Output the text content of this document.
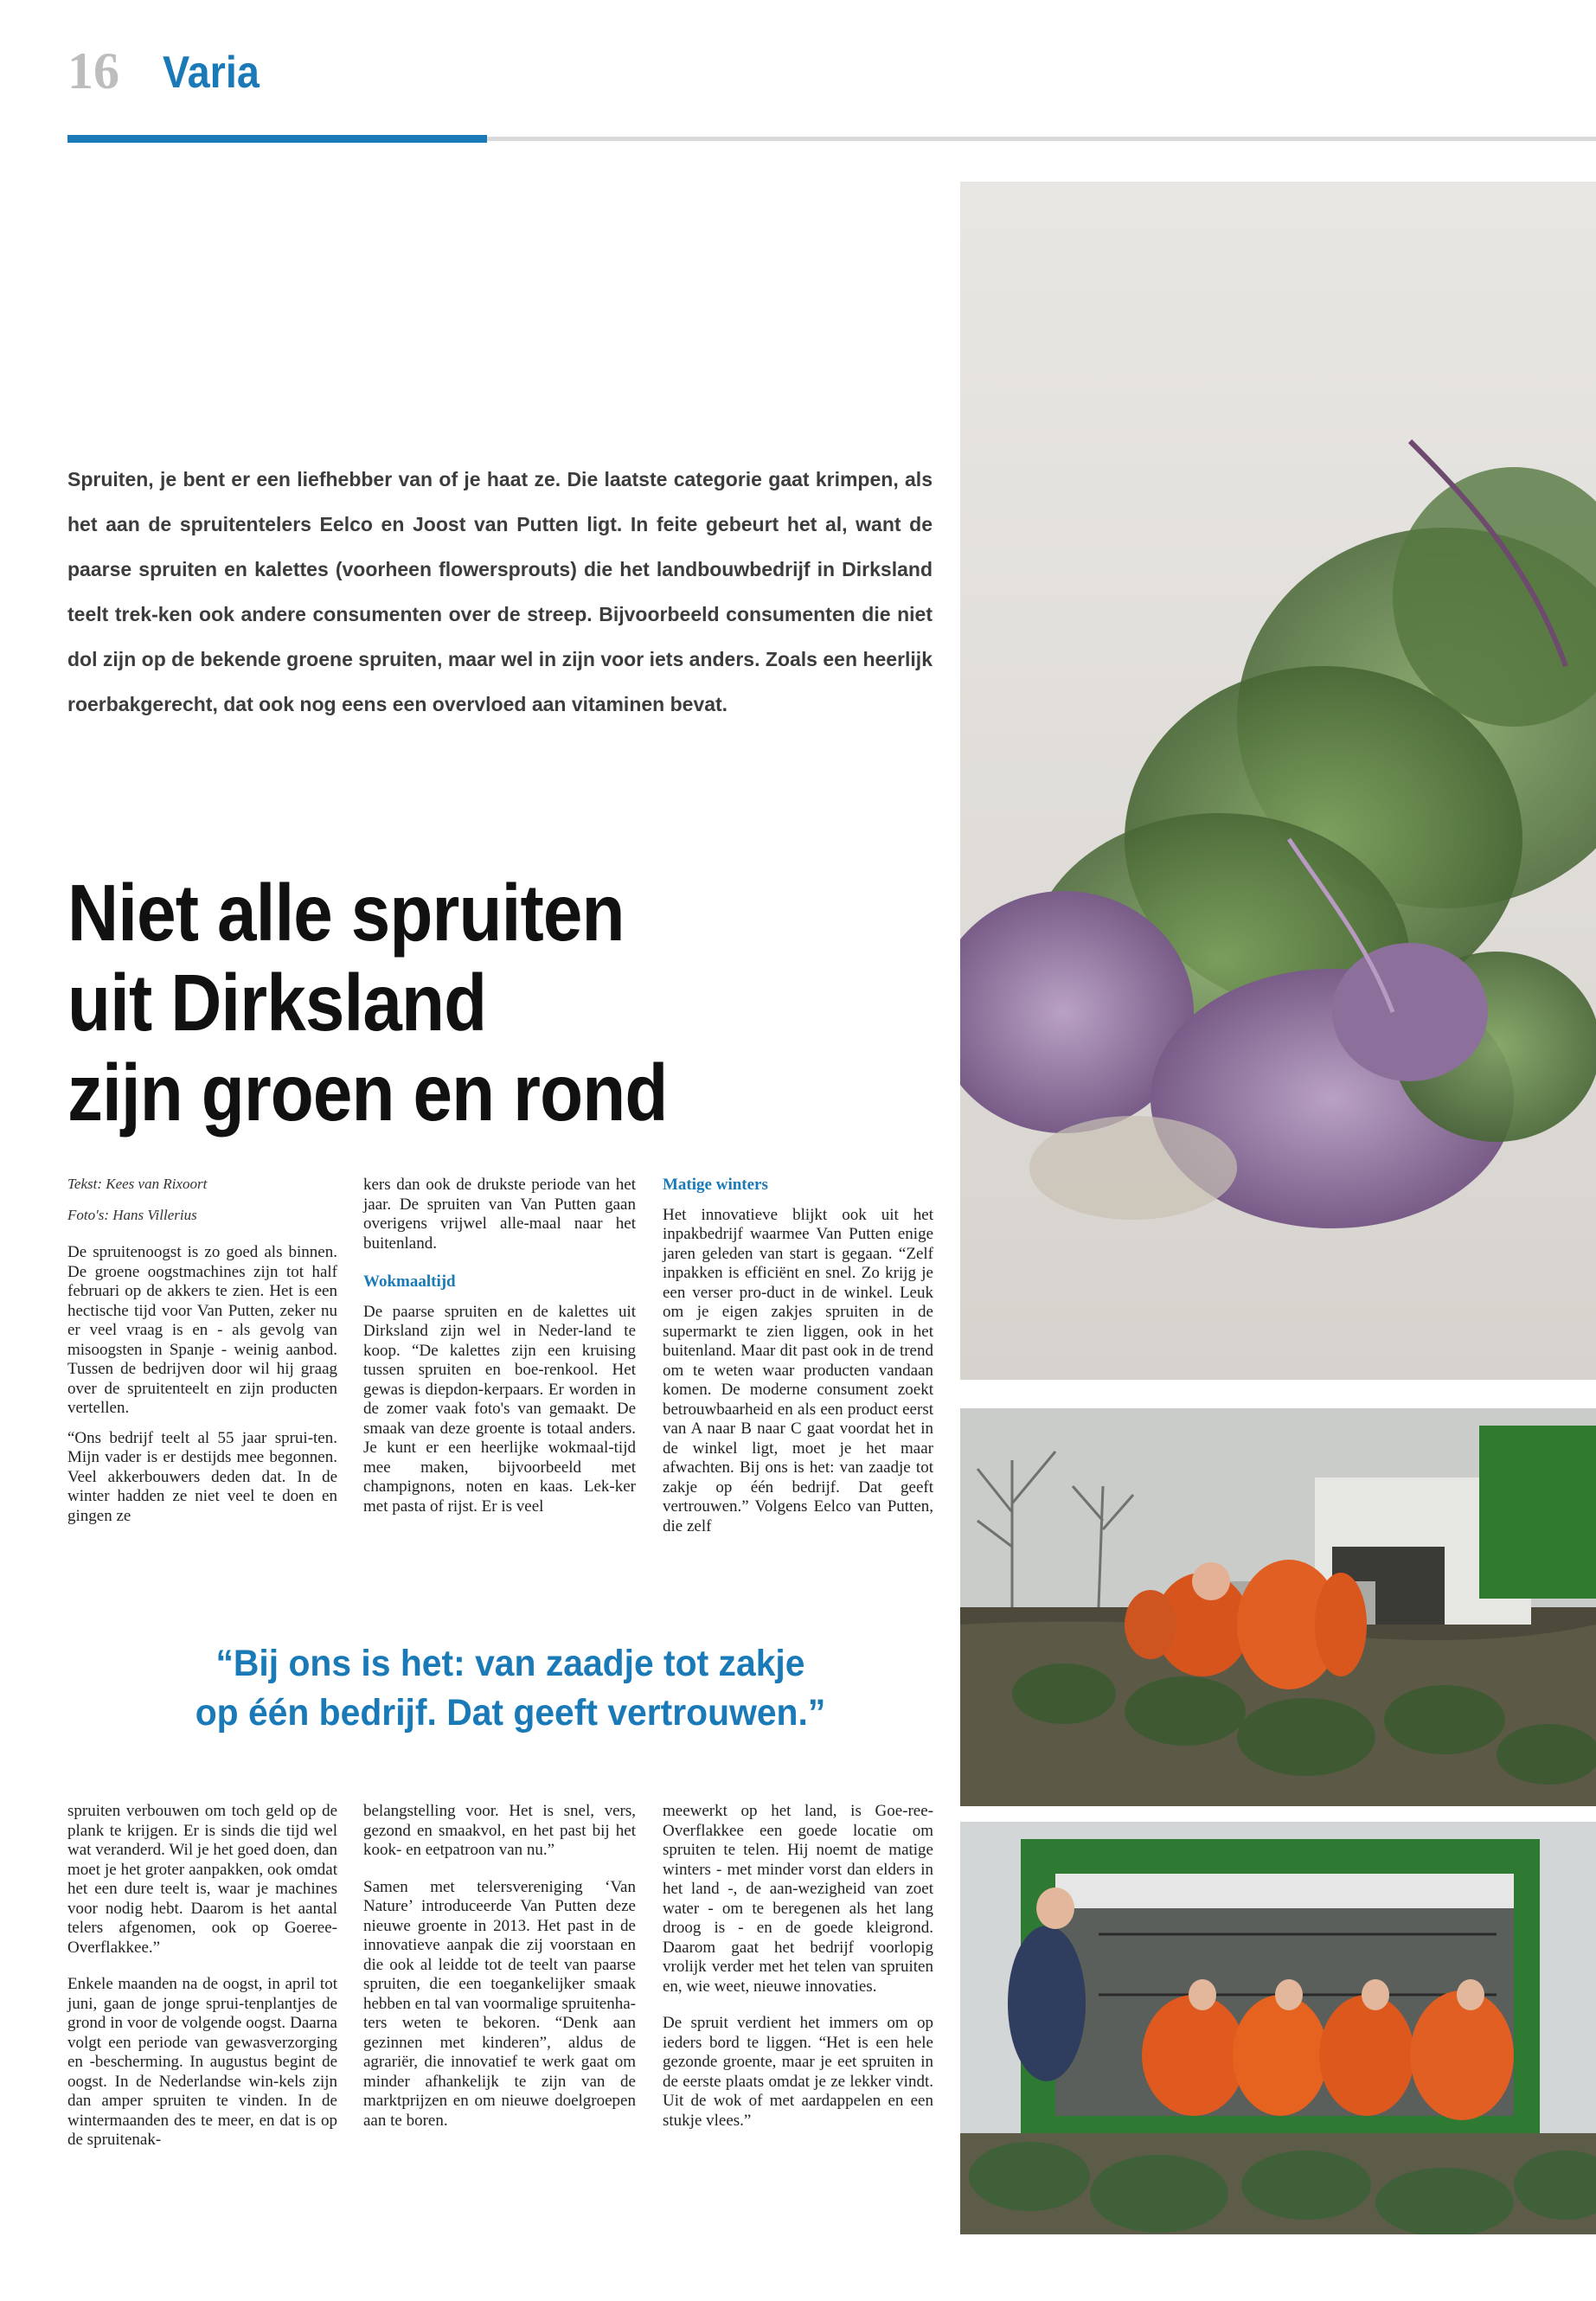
16 Varia
Spruiten, je bent er een liefhebber van of je haat ze. Die laatste categorie gaat krimpen, als het aan de spruitentelers Eelco en Joost van Putten ligt. In feite gebeurt het al, want de paarse spruiten en kalettes (voorheen flowersprouts) die het landbouwbedrijf in Dirksland teelt trek-ken ook andere consumenten over de streep. Bijvoorbeeld consumenten die niet dol zijn op de bekende groene spruiten, maar wel in zijn voor iets anders. Zoals een heerlijk roerbakgerecht, dat ook nog eens een overvloed aan vitaminen bevat.
Niet alle spruiten
uit Dirksland
zijn groen en rond

Tekst: Kees van Rixoort

Foto's: Hans Villerius

De spruitenoogst is zo goed als binnen. De groene oogstmachines zijn tot half februari op de akkers te zien. Het is een hectische tijd voor Van Putten, zeker nu er veel vraag is en - als gevolg van misoogsten in Spanje - weinig aanbod. Tussen de bedrijven door wil hij graag over de spruitenteelt en zijn producten vertellen.

“Ons bedrijf teelt al 55 jaar sprui-ten. Mijn vader is er destijds mee begonnen. Veel akkerbouwers deden dat. In de winter hadden ze niet veel te doen en gingen ze

kers dan ook de drukste periode van het jaar. De spruiten van Van Putten gaan overigens vrijwel alle-maal naar het buitenland.

Wokmaaltijd

De paarse spruiten en de kalettes uit Dirksland zijn wel in Neder-land te koop. “De kalettes zijn een kruising tussen spruiten en boe-renkool. Het gewas is diepdon-kerpaars. Er worden in de zomer vaak foto's van gemaakt. De smaak van deze groente is totaal anders. Je kunt er een heerlijke wokmaal-tijd mee maken, bijvoorbeeld met champignons, noten en kaas. Lek-ker met pasta of rijst. Er is veel

Matige winters

Het innovatieve blijkt ook uit het inpakbedrijf waarmee Van Putten enige jaren geleden van start is gegaan. “Zelf inpakken is efficiënt en snel. Zo krijg je een verser pro-duct in de winkel. Leuk om je eigen zakjes spruiten in de supermarkt te zien liggen, ook in het buitenland. Maar dit past ook in de trend om te weten waar producten vandaan komen. De moderne consument zoekt betrouwbaarheid en als een product eerst van A naar B naar C gaat voordat het in de winkel ligt, moet je het maar afwachten. Bij ons is het: van zaadje tot zakje op één bedrijf. Dat geeft vertrouwen.” Volgens Eelco van Putten, die zelf

“Bij ons is het: van zaadje tot zakje
op één bedrijf. Dat geeft vertrouwen.”

spruiten verbouwen om toch geld op de plank te krijgen. Er is sinds die tijd wel wat veranderd. Wil je het goed doen, dan moet je het groter aanpakken, ook omdat het een dure teelt is, waar je machines voor nodig hebt. Daarom is het aantal telers afgenomen, ook op Goeree-Overflakkee.”

Enkele maanden na de oogst, in april tot juni, gaan de jonge sprui-tenplantjes de grond in voor de volgende oogst. Daarna volgt een periode van gewasverzorging en -bescherming. In augustus begint de oogst. In de Nederlandse win-kels zijn dan amper spruiten te vinden. In de wintermaanden des te meer, en dat is op de spruitenak-

belangstelling voor. Het is snel, vers, gezond en smaakvol, en het past bij het kook- en eetpatroon van nu.”

Samen met telersvereniging ‘Van Nature’ introduceerde Van Putten deze nieuwe groente in 2013. Het past in de innovatieve aanpak die zij voorstaan en die ook al leidde tot de teelt van paarse spruiten, die een toegankelijker smaak hebben en tal van voormalige spruitenha-ters weten te bekoren. “Denk aan gezinnen met kinderen”, aldus de agrariër, die innovatief te werk gaat om minder afhankelijk te zijn van de marktprijzen en om nieuwe doelgroepen aan te boren.

meewerkt op het land, is Goe-ree-Overflakkee een goede locatie om spruiten te telen. Hij noemt de matige winters - met minder vorst dan elders in het land -, de aan-wezigheid van zoet water - om te beregenen als het lang droog is - en de goede kleigrond. Daarom gaat het bedrijf voorlopig vrolijk verder met het telen van spruiten en, wie weet, nieuwe innovaties.

De spruit verdient het immers om op ieders bord te liggen. “Het is een hele gezonde groente, maar je eet spruiten in de eerste plaats omdat je ze lekker vindt. Uit de wok of met aardappelen en een stukje vlees.”
